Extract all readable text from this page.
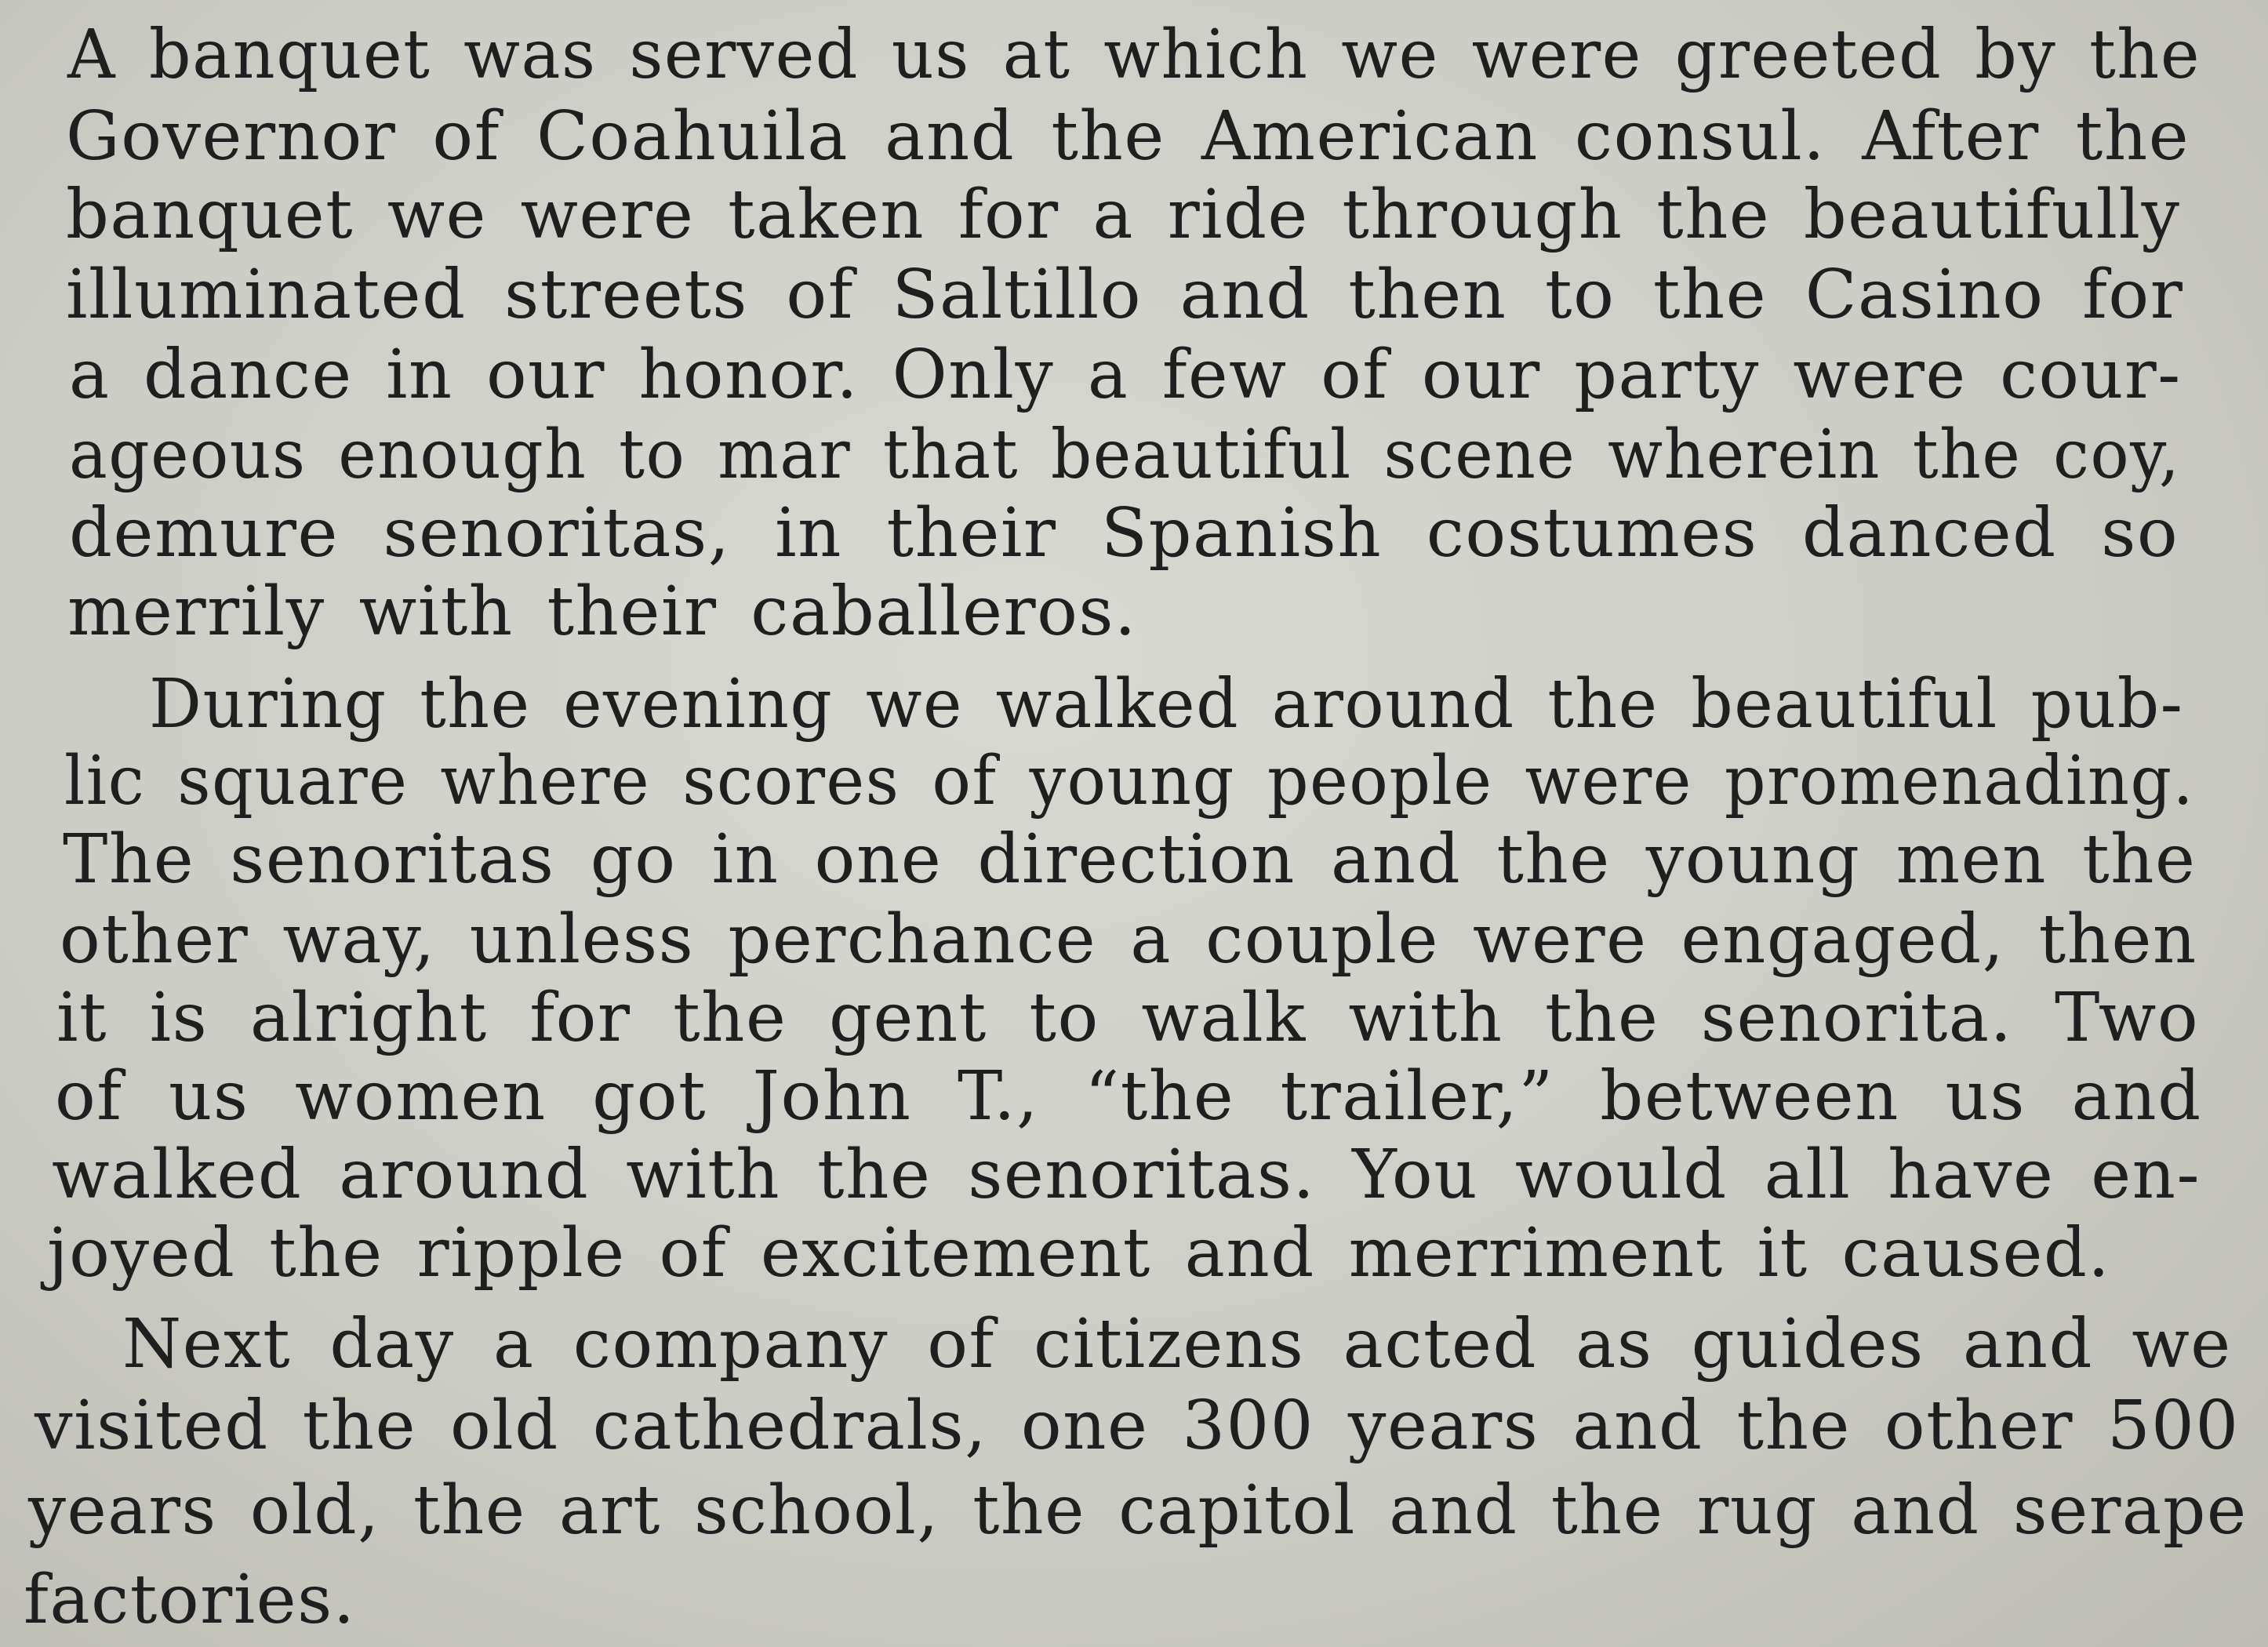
A banquet was served us at which we were greeted by the
Governor of Coahuila and the American consul. After the
banquet we were taken for a ride through the beautifully
illuminated streets of Saltillo and then to the Casino for
a dance in our honor. Only a few of our party were cour-
ageous enough to mar that beautiful scene wherein the coy,
demure senoritas, in their Spanish costumes danced so
merrily with their caballeros.
During the evening we walked around the beautiful pub-
lic square where scores of young people were promenading.
The senoritas go in one direction and the young men the
other way, unless perchance a couple were engaged, then
it is alright for the gent to walk with the senorita. Two
of us women got John T., “the trailer,” between us and
walked around with the senoritas. You would all have en-
joyed the ripple of excitement and merriment it caused.
Next day a company of citizens acted as guides and we
visited the old cathedrals, one 300 years and the other 500
years old, the art school, the capitol and the rug and serape
factories.
